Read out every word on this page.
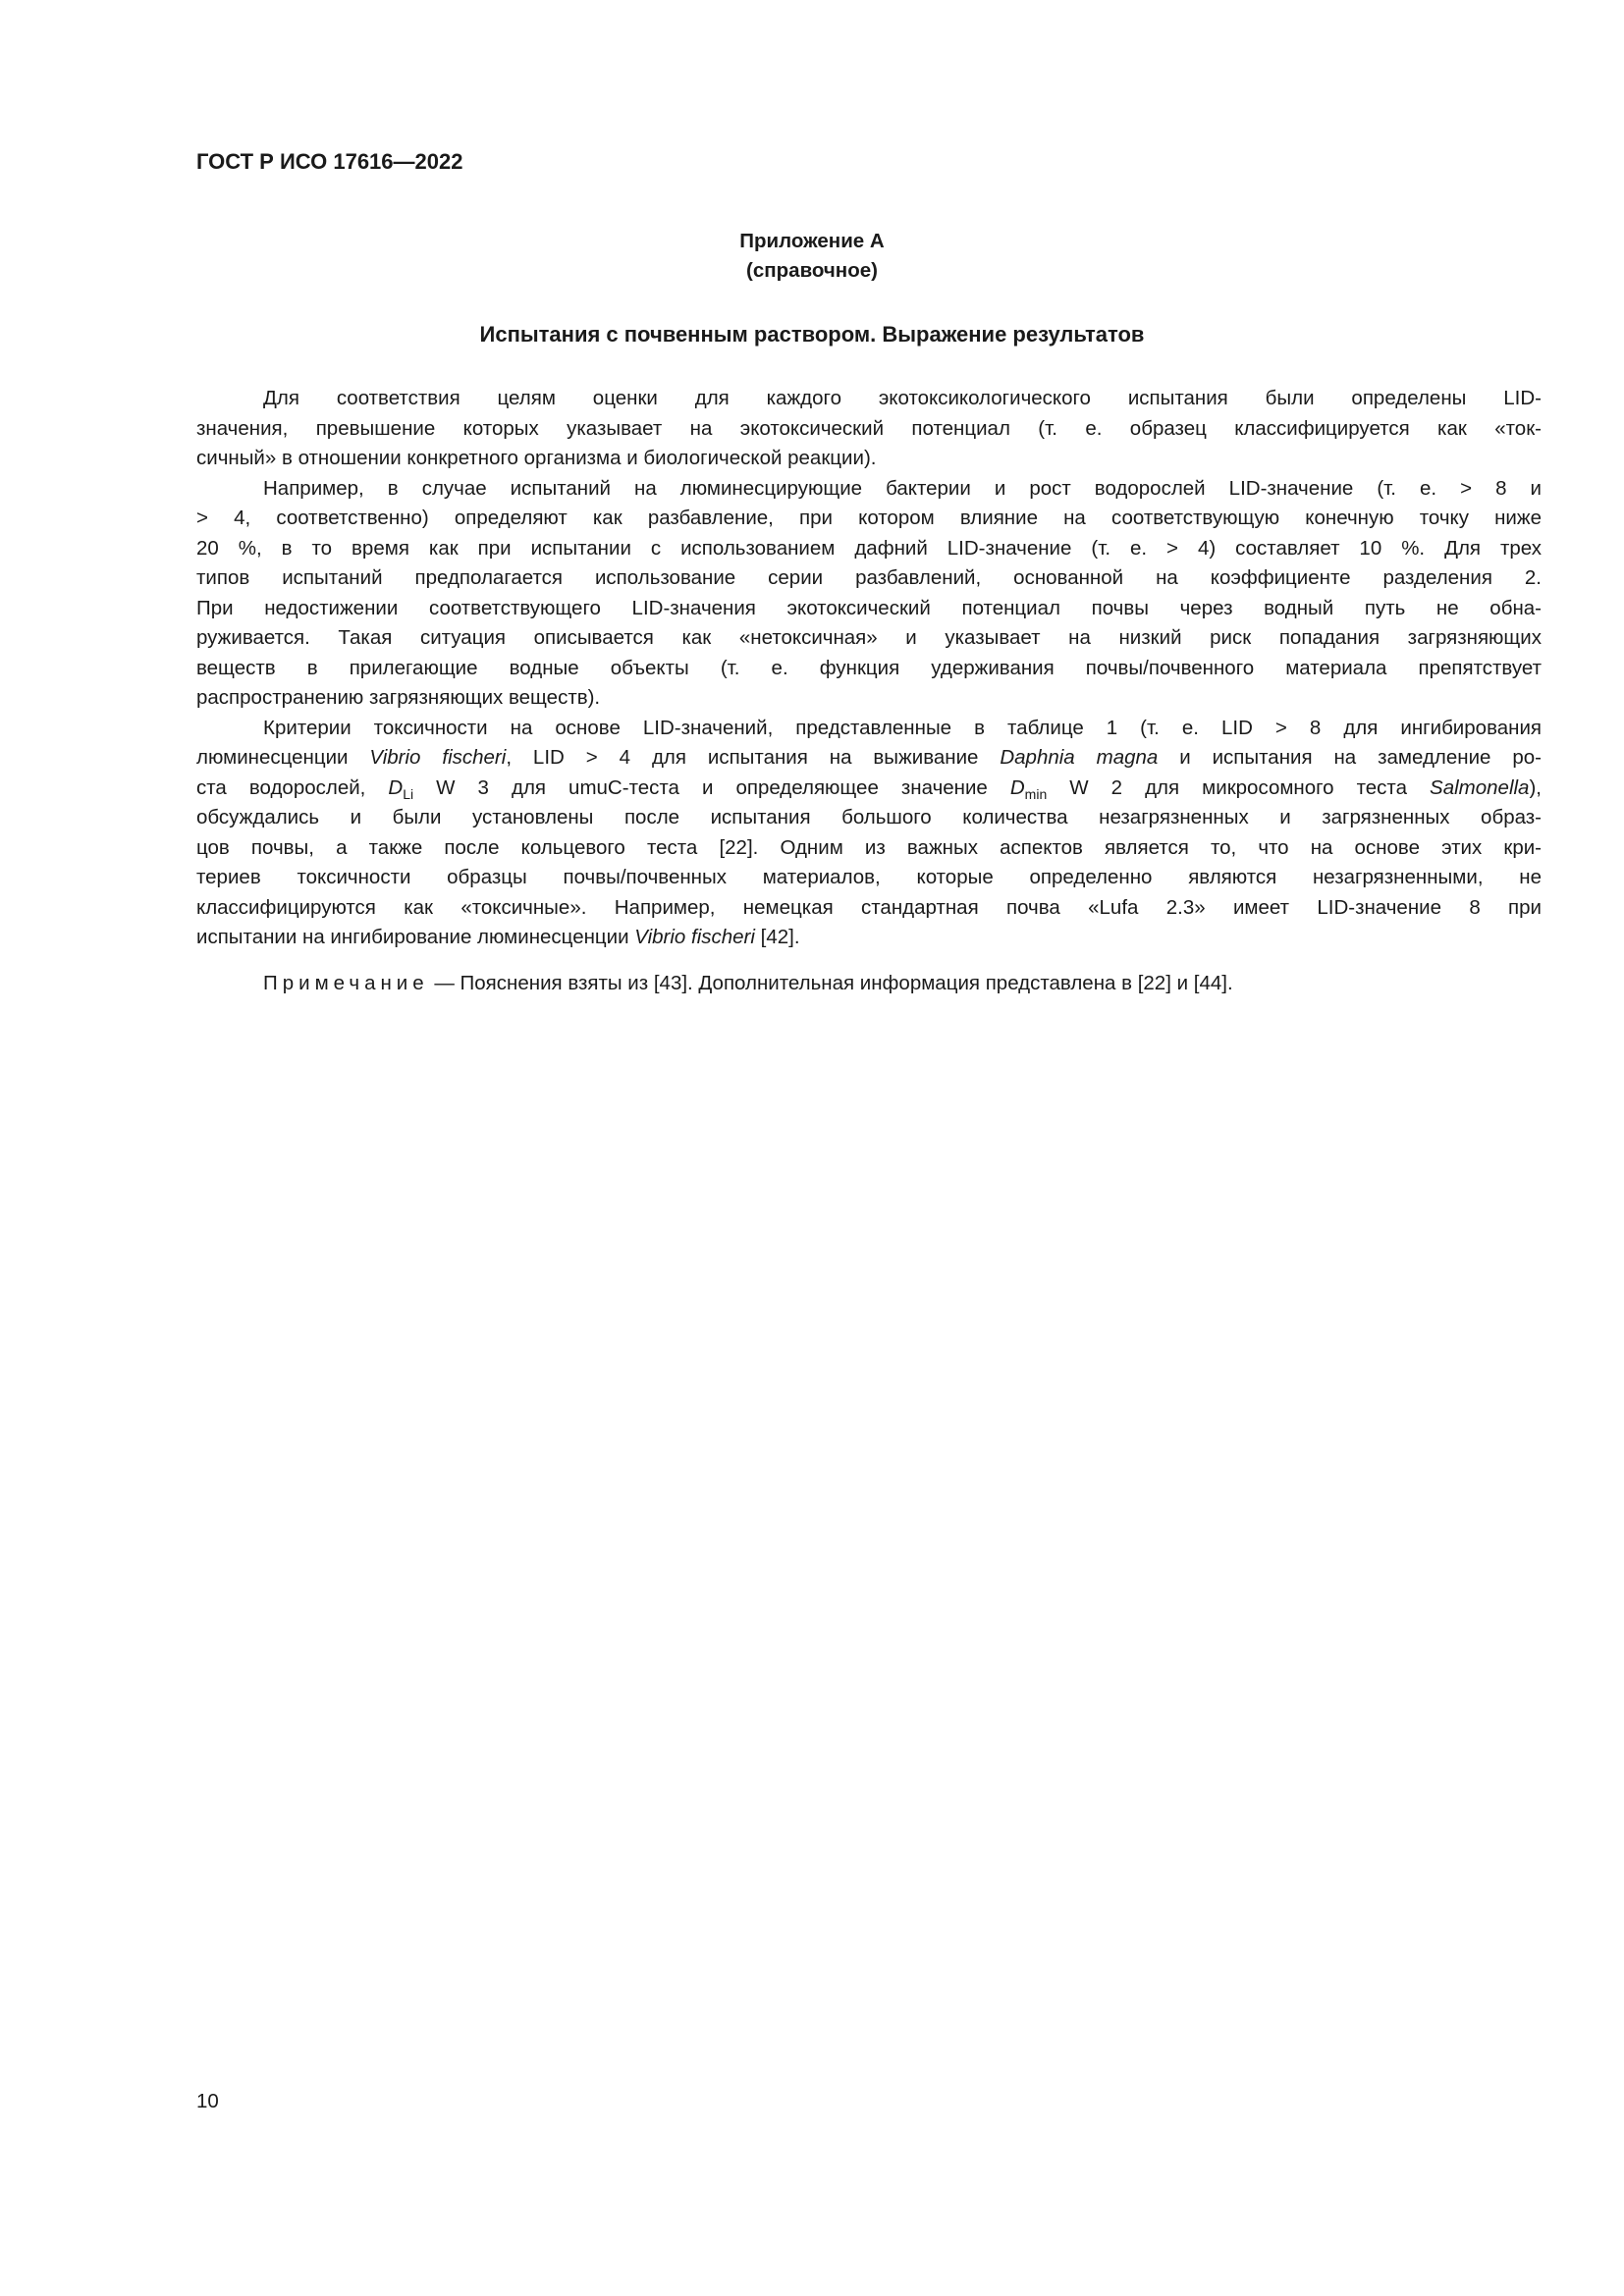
ГОСТ Р ИСО 17616—2022
Приложение А
(справочное)
Испытания с почвенным раствором. Выражение результатов
Для соответствия целям оценки для каждого экотоксикологического испытания были определены LID-
значения, превышение которых указывает на экотоксический потенциал (т. е. образец классифицируется как «ток-
сичный» в отношении конкретного организма и биологической реакции).
Например, в случае испытаний на люминесцирующие бактерии и рост водорослей LID-значение (т. е. > 8 и
> 4, соответственно) определяют как разбавление, при котором влияние на соответствующую конечную точку ниже
20 %, в то время как при испытании с использованием дафний LID-значение (т. е. > 4) составляет 10 %. Для трех
типов испытаний предполагается использование серии разбавлений, основанной на коэффициенте разделения 2.
При недостижении соответствующего LID-значения экотоксический потенциал почвы через водный путь не обна-
руживается. Такая ситуация описывается как «нетоксичная» и указывает на низкий риск попадания загрязняющих
веществ в прилегающие водные объекты (т. е. функция удерживания почвы/почвенного материала препятствует
распространению загрязняющих веществ).
Критерии токсичности на основе LID-значений, представленные в таблице 1 (т. е. LID > 8 для ингибирования
люминесценции Vibrio fischeri, LID > 4 для испытания на выживание Daphnia magna и испытания на замедление ро-
ста водорослей, $D_{Li}$ W 3 для umuC-теста и определяющее значение $D_{min}$ W 2 для микросомного теста Salmonella),
обсуждались и были установлены после испытания большого количества незагрязненных и загрязненных образ-
цов почвы, а также после кольцевого теста [22]. Одним из важных аспектов является то, что на основе этих кри-
териев токсичности образцы почвы/почвенных материалов, которые определенно являются незагрязненными, не
классифицируются как «токсичные». Например, немецкая стандартная почва «Lufa 2.3» имеет LID-значение 8 при
испытании на ингибирование люминесценции Vibrio fischeri [42].
Примечание — Пояснения взяты из [43]. Дополнительная информация представлена в [22] и [44].
10
